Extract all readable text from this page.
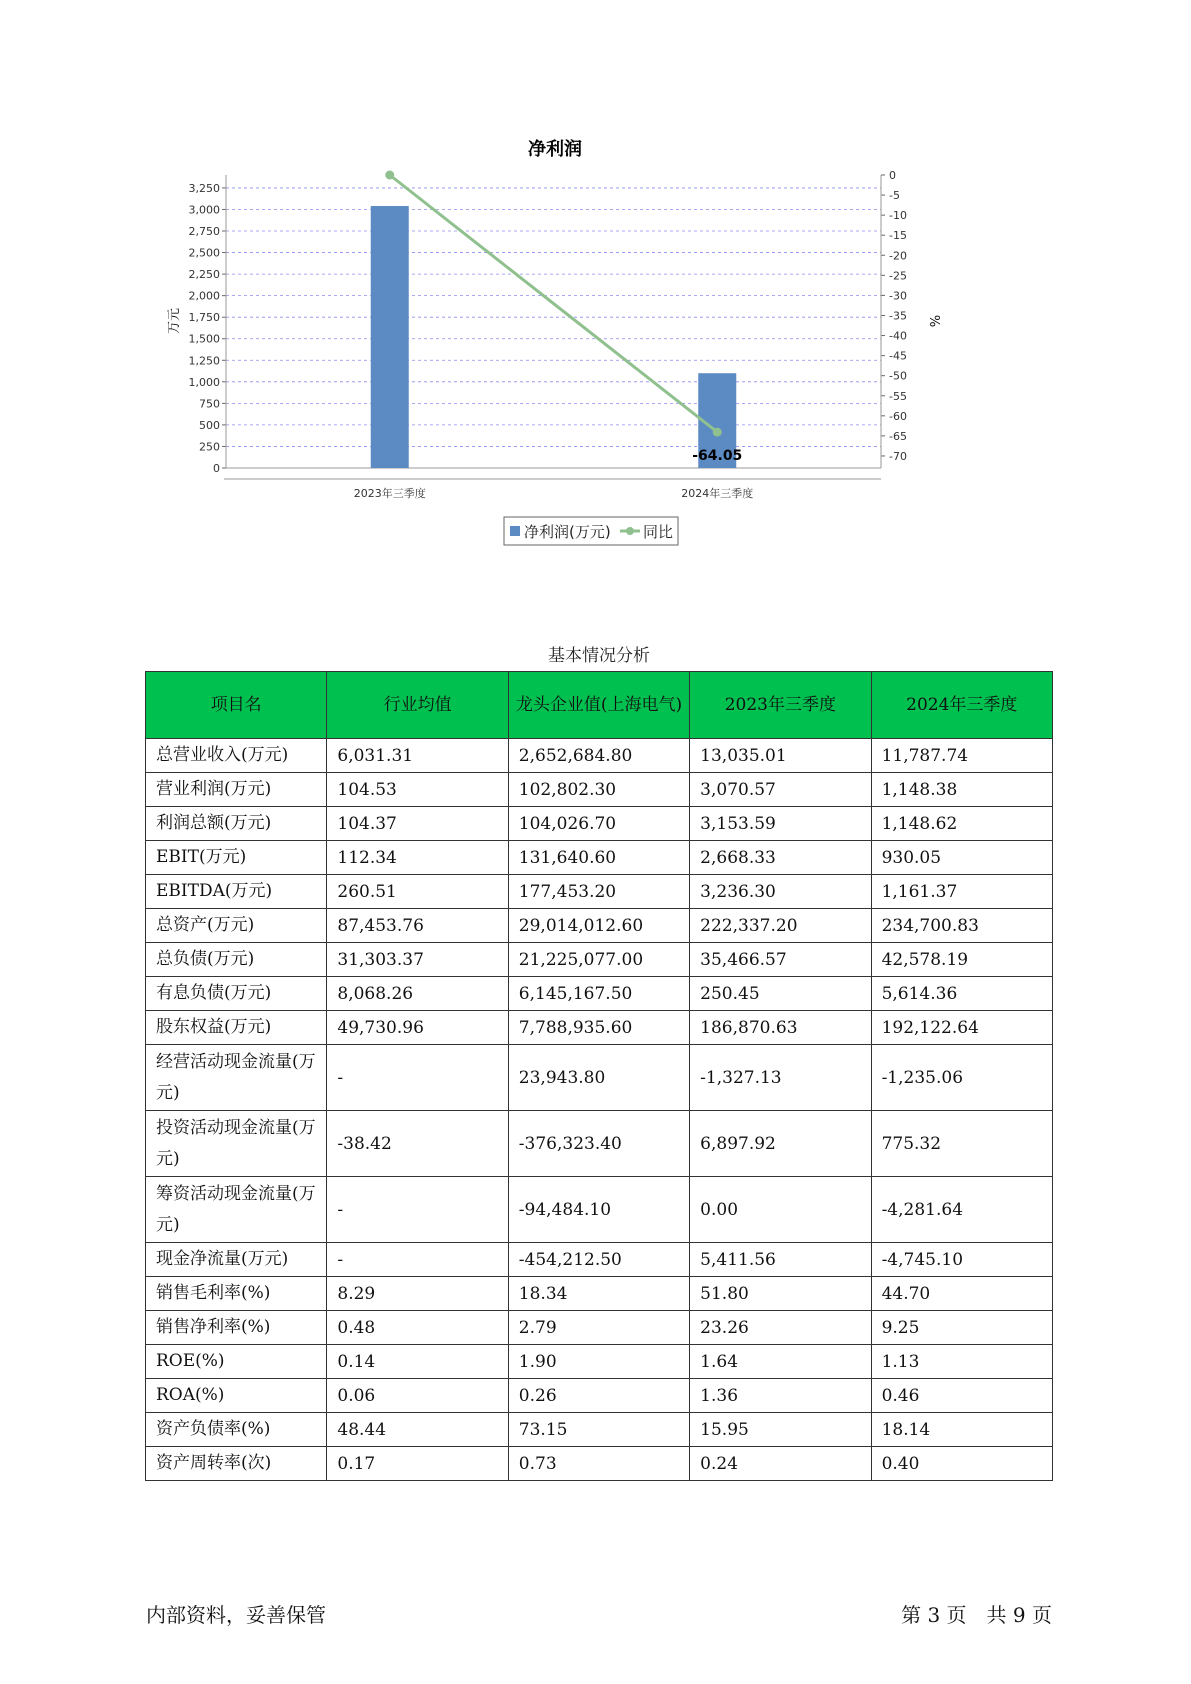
净利润
0
250
500
750
1,000
1,250
1,500
1,750
2,000
2,250
2,500
2,750
3,000
3,250
0
-5
-10
-15
-20
-25
-30
-35
-40
-45
-50
-55
-60
-65
-70
万元	%
2023年三季度	2024年三季度
-64.05
净利润(万元) 同比
基本情况分析
项目名	行业均值	龙头企业值(上海电气)	2023年三季度	2024年三季度
总营业收入(万元)	6,031.31	2,652,684.80	13,035.01	11,787.74
营业利润(万元)	104.53	102,802.30	3,070.57	1,148.38
利润总额(万元)	104.37	104,026.70	3,153.59	1,148.62
EBIT(万元)	112.34	131,640.60	2,668.33	930.05
EBITDA(万元)	260.51	177,453.20	3,236.30	1,161.37
总资产(万元)	87,453.76	29,014,012.60	222,337.20	234,700.83
总负债(万元)	31,303.37	21,225,077.00	35,466.57	42,578.19
有息负债(万元)	8,068.26	6,145,167.50	250.45	5,614.36
股东权益(万元)	49,730.96	7,788,935.60	186,870.63	192,122.64
经营活动现金流量(万元)	-	23,943.80	-1,327.13	-1,235.06
投资活动现金流量(万元)	-38.42	-376,323.40	6,897.92	775.32
筹资活动现金流量(万元)	-	-94,484.10	0.00	-4,281.64
现金净流量(万元)	-	-454,212.50	5,411.56	-4,745.10
销售毛利率(%)	8.29	18.34	51.80	44.70
销售净利率(%)	0.48	2.79	23.26	9.25
ROE(%)	0.14	1.90	1.64	1.13
ROA(%)	0.06	0.26	1.36	0.46
资产负债率(%)	48.44	73.15	15.95	18.14
资产周转率(次)	0.17	0.73	0.24	0.40
内部资料，妥善保管	第 3 页　共 9 页
